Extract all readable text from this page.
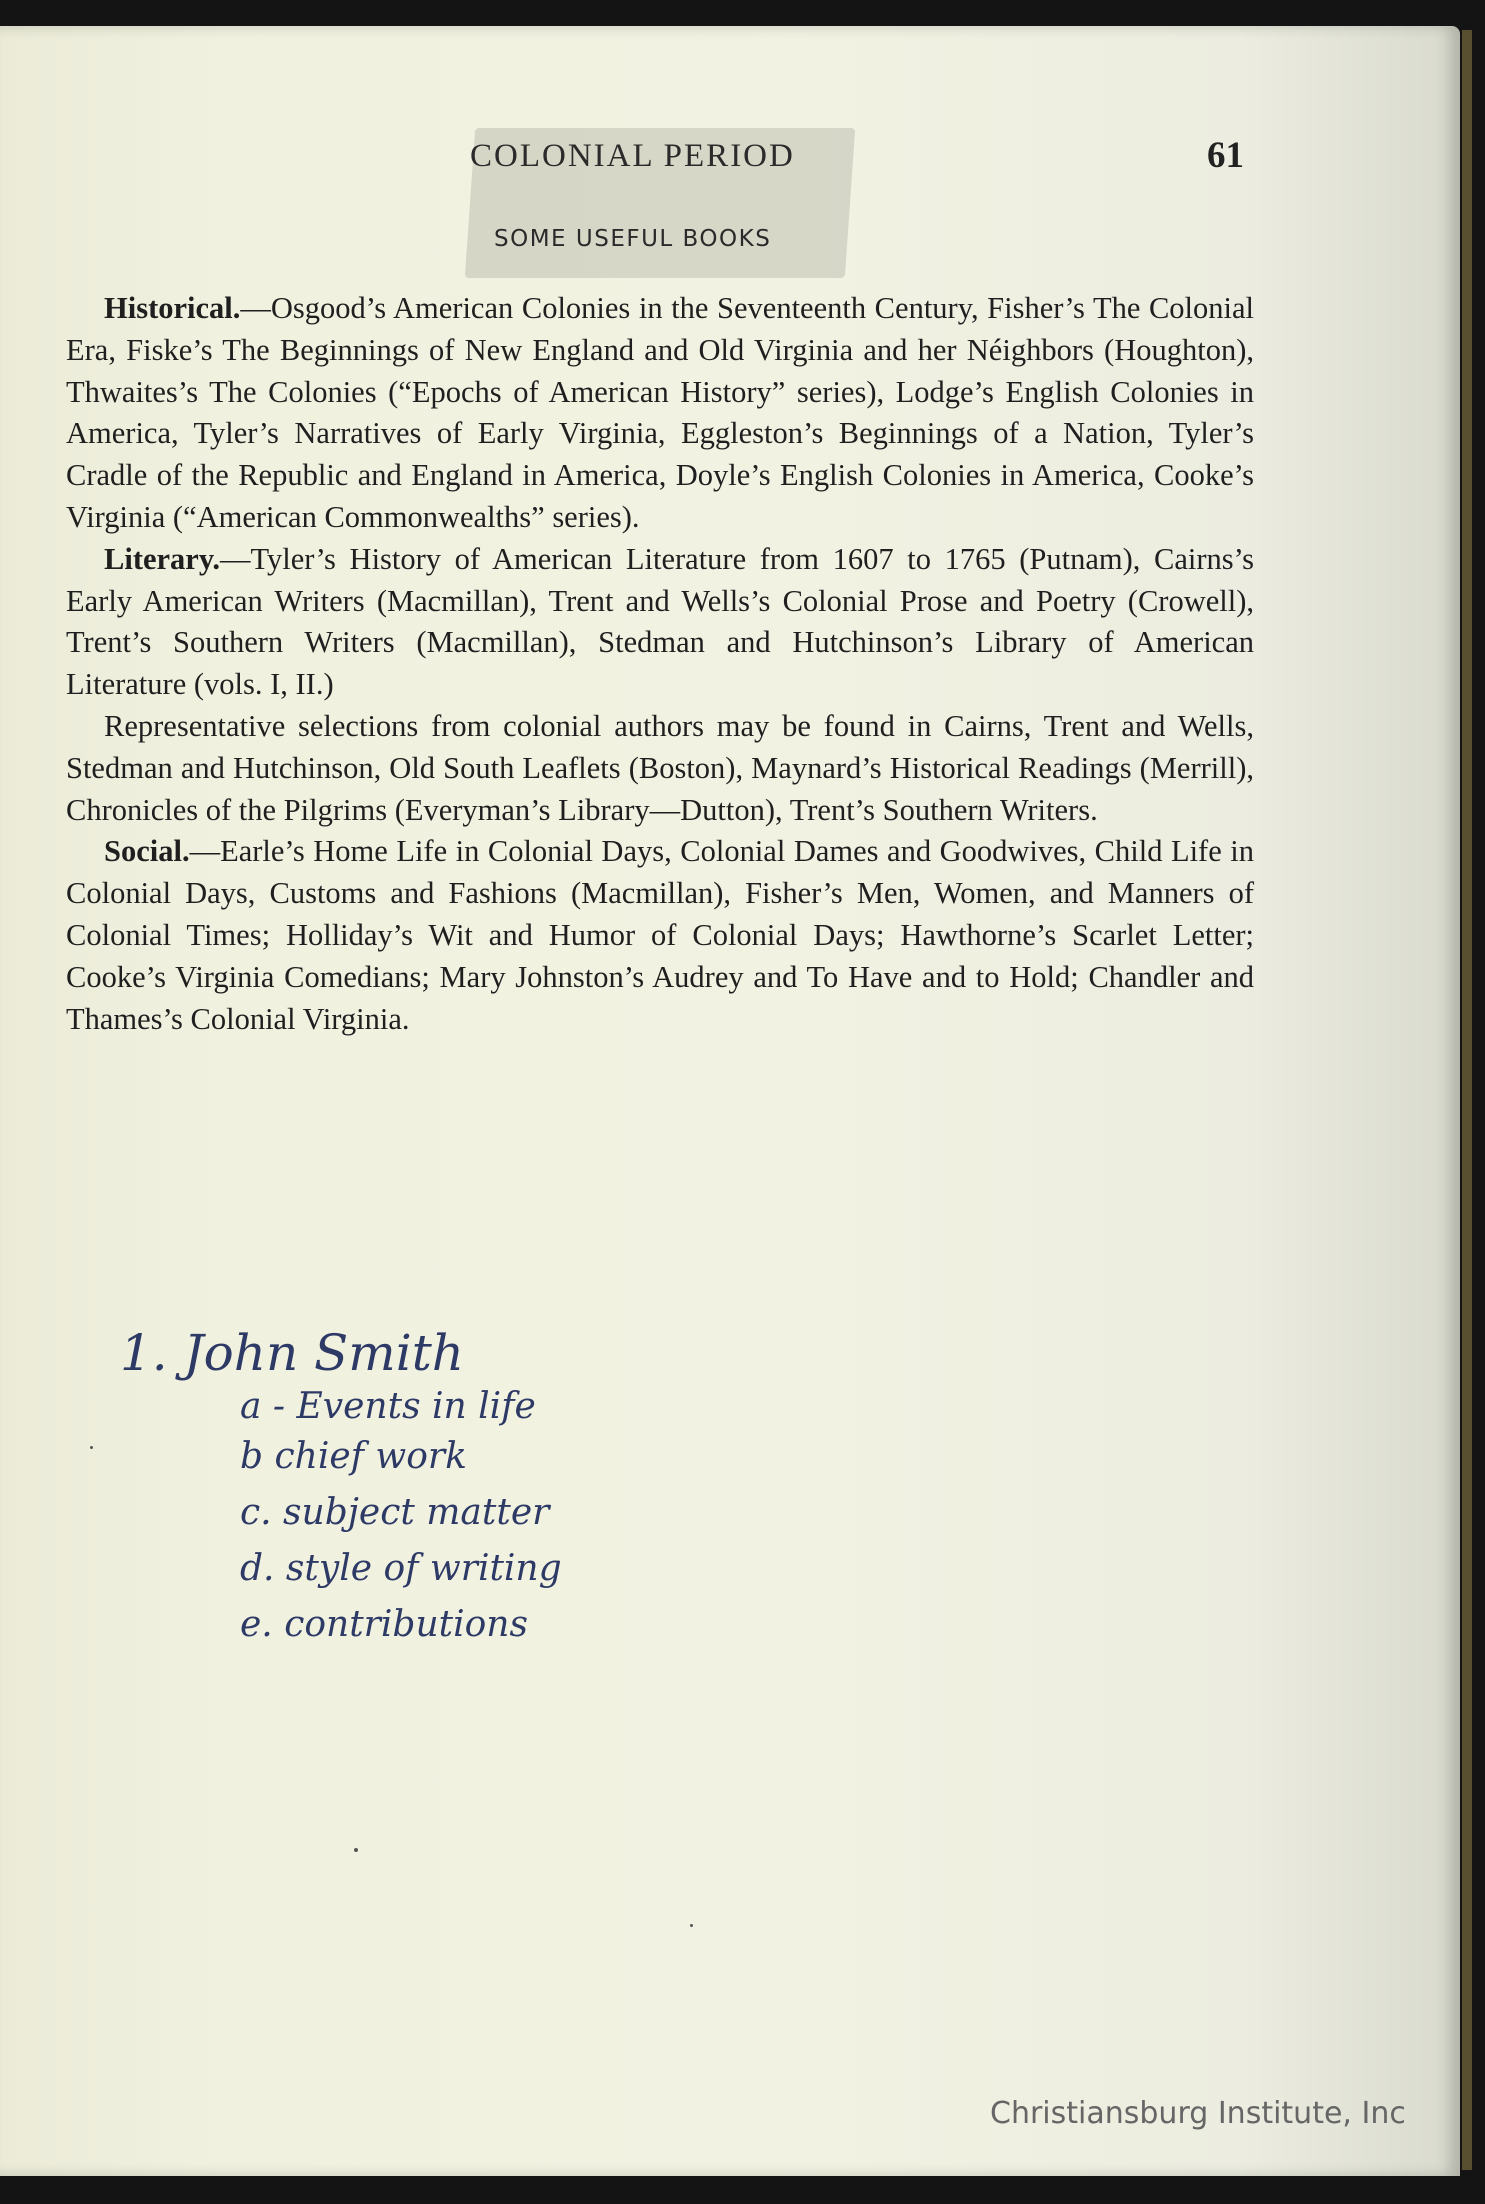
COLONIAL PERIOD	61
SOME USEFUL BOOKS

Historical.—Osgood’s American Colonies in the Seventeenth Century, Fisher’s The Colonial Era, Fiske’s The Beginnings of New England and Old Virginia and her Néighbors (Houghton), Thwaites’s The Colonies (“Epochs of American History” series), Lodge’s English Colonies in America, Tyler’s Narratives of Early Virginia, Eggleston’s Beginnings of a Nation, Tyler’s Cradle of the Republic and England in America, Doyle’s English Colonies in America, Cooke’s Virginia (“American Commonwealths” series).

Literary.—Tyler’s History of American Literature from 1607 to 1765 (Putnam), Cairns’s Early American Writers (Macmillan), Trent and Wells’s Colonial Prose and Poetry (Crowell), Trent’s Southern Writers (Macmillan), Stedman and Hutchinson’s Library of American Literature (vols. I, II.)

Representative selections from colonial authors may be found in Cairns, Trent and Wells, Stedman and Hutchinson, Old South Leaflets (Boston), Maynard’s Historical Readings (Merrill), Chronicles of the Pilgrims (Everyman’s Library—Dutton), Trent’s Southern Writers.

Social.—Earle’s Home Life in Colonial Days, Colonial Dames and Goodwives, Child Life in Colonial Days, Customs and Fashions (Macmillan), Fisher’s Men, Women, and Manners of Colonial Times; Holliday’s Wit and Humor of Colonial Days; Hawthorne’s Scarlet Letter; Cooke’s Virginia Comedians; Mary Johnston’s Audrey and To Have and to Hold; Chandler and Thames’s Colonial Virginia.

1. John Smith
a - Events in life
b chief work
c. subject matter
d. style of writing
e. contributions
Christiansburg Institute, Inc
